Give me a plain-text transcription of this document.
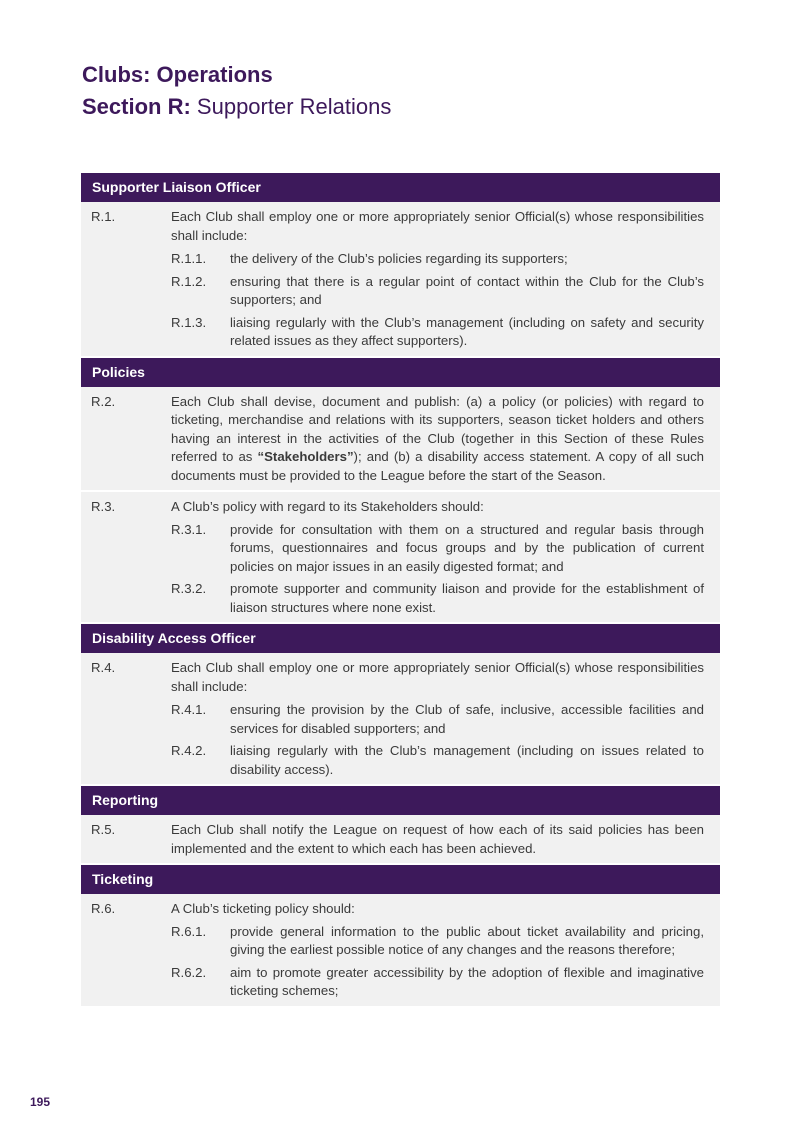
Clubs: Operations
Section R: Supporter Relations
Supporter Liaison Officer
R.1.	Each Club shall employ one or more appropriately senior Official(s) whose responsibilities shall include:
R.1.1.	the delivery of the Club’s policies regarding its supporters;
R.1.2.	ensuring that there is a regular point of contact within the Club for the Club’s supporters; and
R.1.3.	liaising regularly with the Club’s management (including on safety and security related issues as they affect supporters).
Policies
R.2.	Each Club shall devise, document and publish: (a) a policy (or policies) with regard to ticketing, merchandise and relations with its supporters, season ticket holders and others having an interest in the activities of the Club (together in this Section of these Rules referred to as “Stakeholders”); and (b) a disability access statement. A copy of all such documents must be provided to the League before the start of the Season.
R.3.	A Club’s policy with regard to its Stakeholders should:
R.3.1.	provide for consultation with them on a structured and regular basis through forums, questionnaires and focus groups and by the publication of current policies on major issues in an easily digested format; and
R.3.2.	promote supporter and community liaison and provide for the establishment of liaison structures where none exist.
Disability Access Officer
R.4.	Each Club shall employ one or more appropriately senior Official(s) whose responsibilities shall include:
R.4.1.	ensuring the provision by the Club of safe, inclusive, accessible facilities and services for disabled supporters; and
R.4.2.	liaising regularly with the Club’s management (including on issues related to disability access).
Reporting
R.5.	Each Club shall notify the League on request of how each of its said policies has been implemented and the extent to which each has been achieved.
Ticketing
R.6.	A Club’s ticketing policy should:
R.6.1.	provide general information to the public about ticket availability and pricing, giving the earliest possible notice of any changes and the reasons therefore;
R.6.2.	aim to promote greater accessibility by the adoption of flexible and imaginative ticketing schemes;
195
